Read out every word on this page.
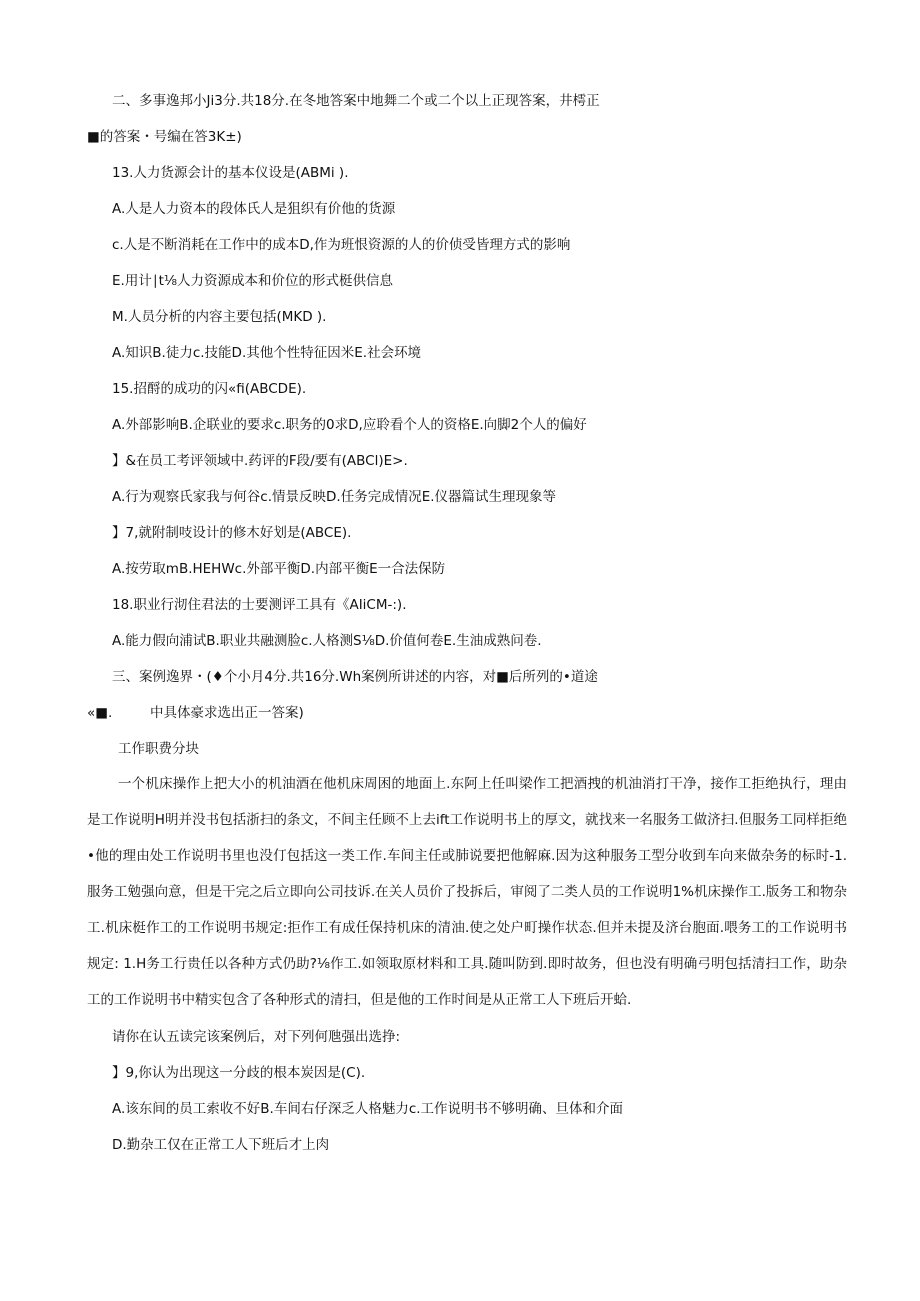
二、多事逸邦小Ji3分.共18分.在冬地答案中地舞二个或二个以上正现答案，井樗正
■的答案・号编在答3K±)
13.人力货源会计的基本仪设是(ABMi ).
A.人是人力资本的段体氏人是狙织有价他的货源
c.人是不断消耗在工作中的成本D,作为班恨资源的人的价侦受皆理方式的影响
E.用计∣t⅛人力资源成本和价位的形式梃供信息
M.人员分析的内容主要包括(MKD ).
A.知识B.徒力c.技能D.其他个性特征因米E.社会环境
15.招酹的成功的闪«fi(ABCDE).
A.外部影响B.企联业的要求c.职务的0求D,应聆看个人的资格E.向脚2个人的偏好
】&在员工考评领域中.药评的F段/要有(ABCl)E>.
A.行为观察氏家我与何谷c.情景反映D.任务完成情况E.仪器篇试生理现象等
】7,就附制吱设计的修木好划是(ABCE).
A.按劳取mB.HEHWc.外部平衡D.内部平衡E一合法保防
18.职业行沏住君法的士要测评工具有《AIiCM-:).
A.能力假向浦试B.职业共融测脸c.人格测S⅛D.价值何卷E.生油成熟问卷.
三、案例逸界・(♦个小月4分.共16分.Wh案例所讲述的内容，对■后所列的•道途
«■.	中具体豪求选出正一答案)
工作职费分块
一个机床操作上把大小的机油酒在他机床周困的地面上.东阿上任叫梁作工把酒拽的机油消打干净，接作工拒绝执行，理由是工作说明H明并没书包括浙扫的条文，不间主任顾不上去ift工作说明书上的厚文，就找来一名服务工做济扫.但服务工同样拒绝•他的理由处工作说明书里也没仃包括这一类工作.车间主任或肺说要把他解麻.因为这种服务工型分收到车向来做杂务的标时-1.服务工勉强向意，但是干完之后立即向公司技诉.在关人员价了投拆后，审阅了二类人员的工作说明1%机床操作工.版务工和物杂工.机床梃作工的工作说明书规定:拒作工有成任保持机床的清油.使之处户町操作状态.但并未提及济台胞面.喂务工的工作说明书规定: 1.H务工行贵任以各种方式仍助?⅛作工.如领取原材料和工具.随叫防到.即时故务，但也没有明确弓明包括清扫工作，助杂工的工作说明书中精实包含了各种形式的清扫，但是他的工作时间是从正常工人下班后开蛤.
请你在认五读完该案例后，对下列何虺强出选挣:
】9,你认为出现这一分歧的根本炭因是(C).
A.该东间的员工索收不好B.车间右仔深乏人格魅力c.工作说明书不够明确、旦体和介面
D.勤杂工仅在正常工人下班后才上肉
